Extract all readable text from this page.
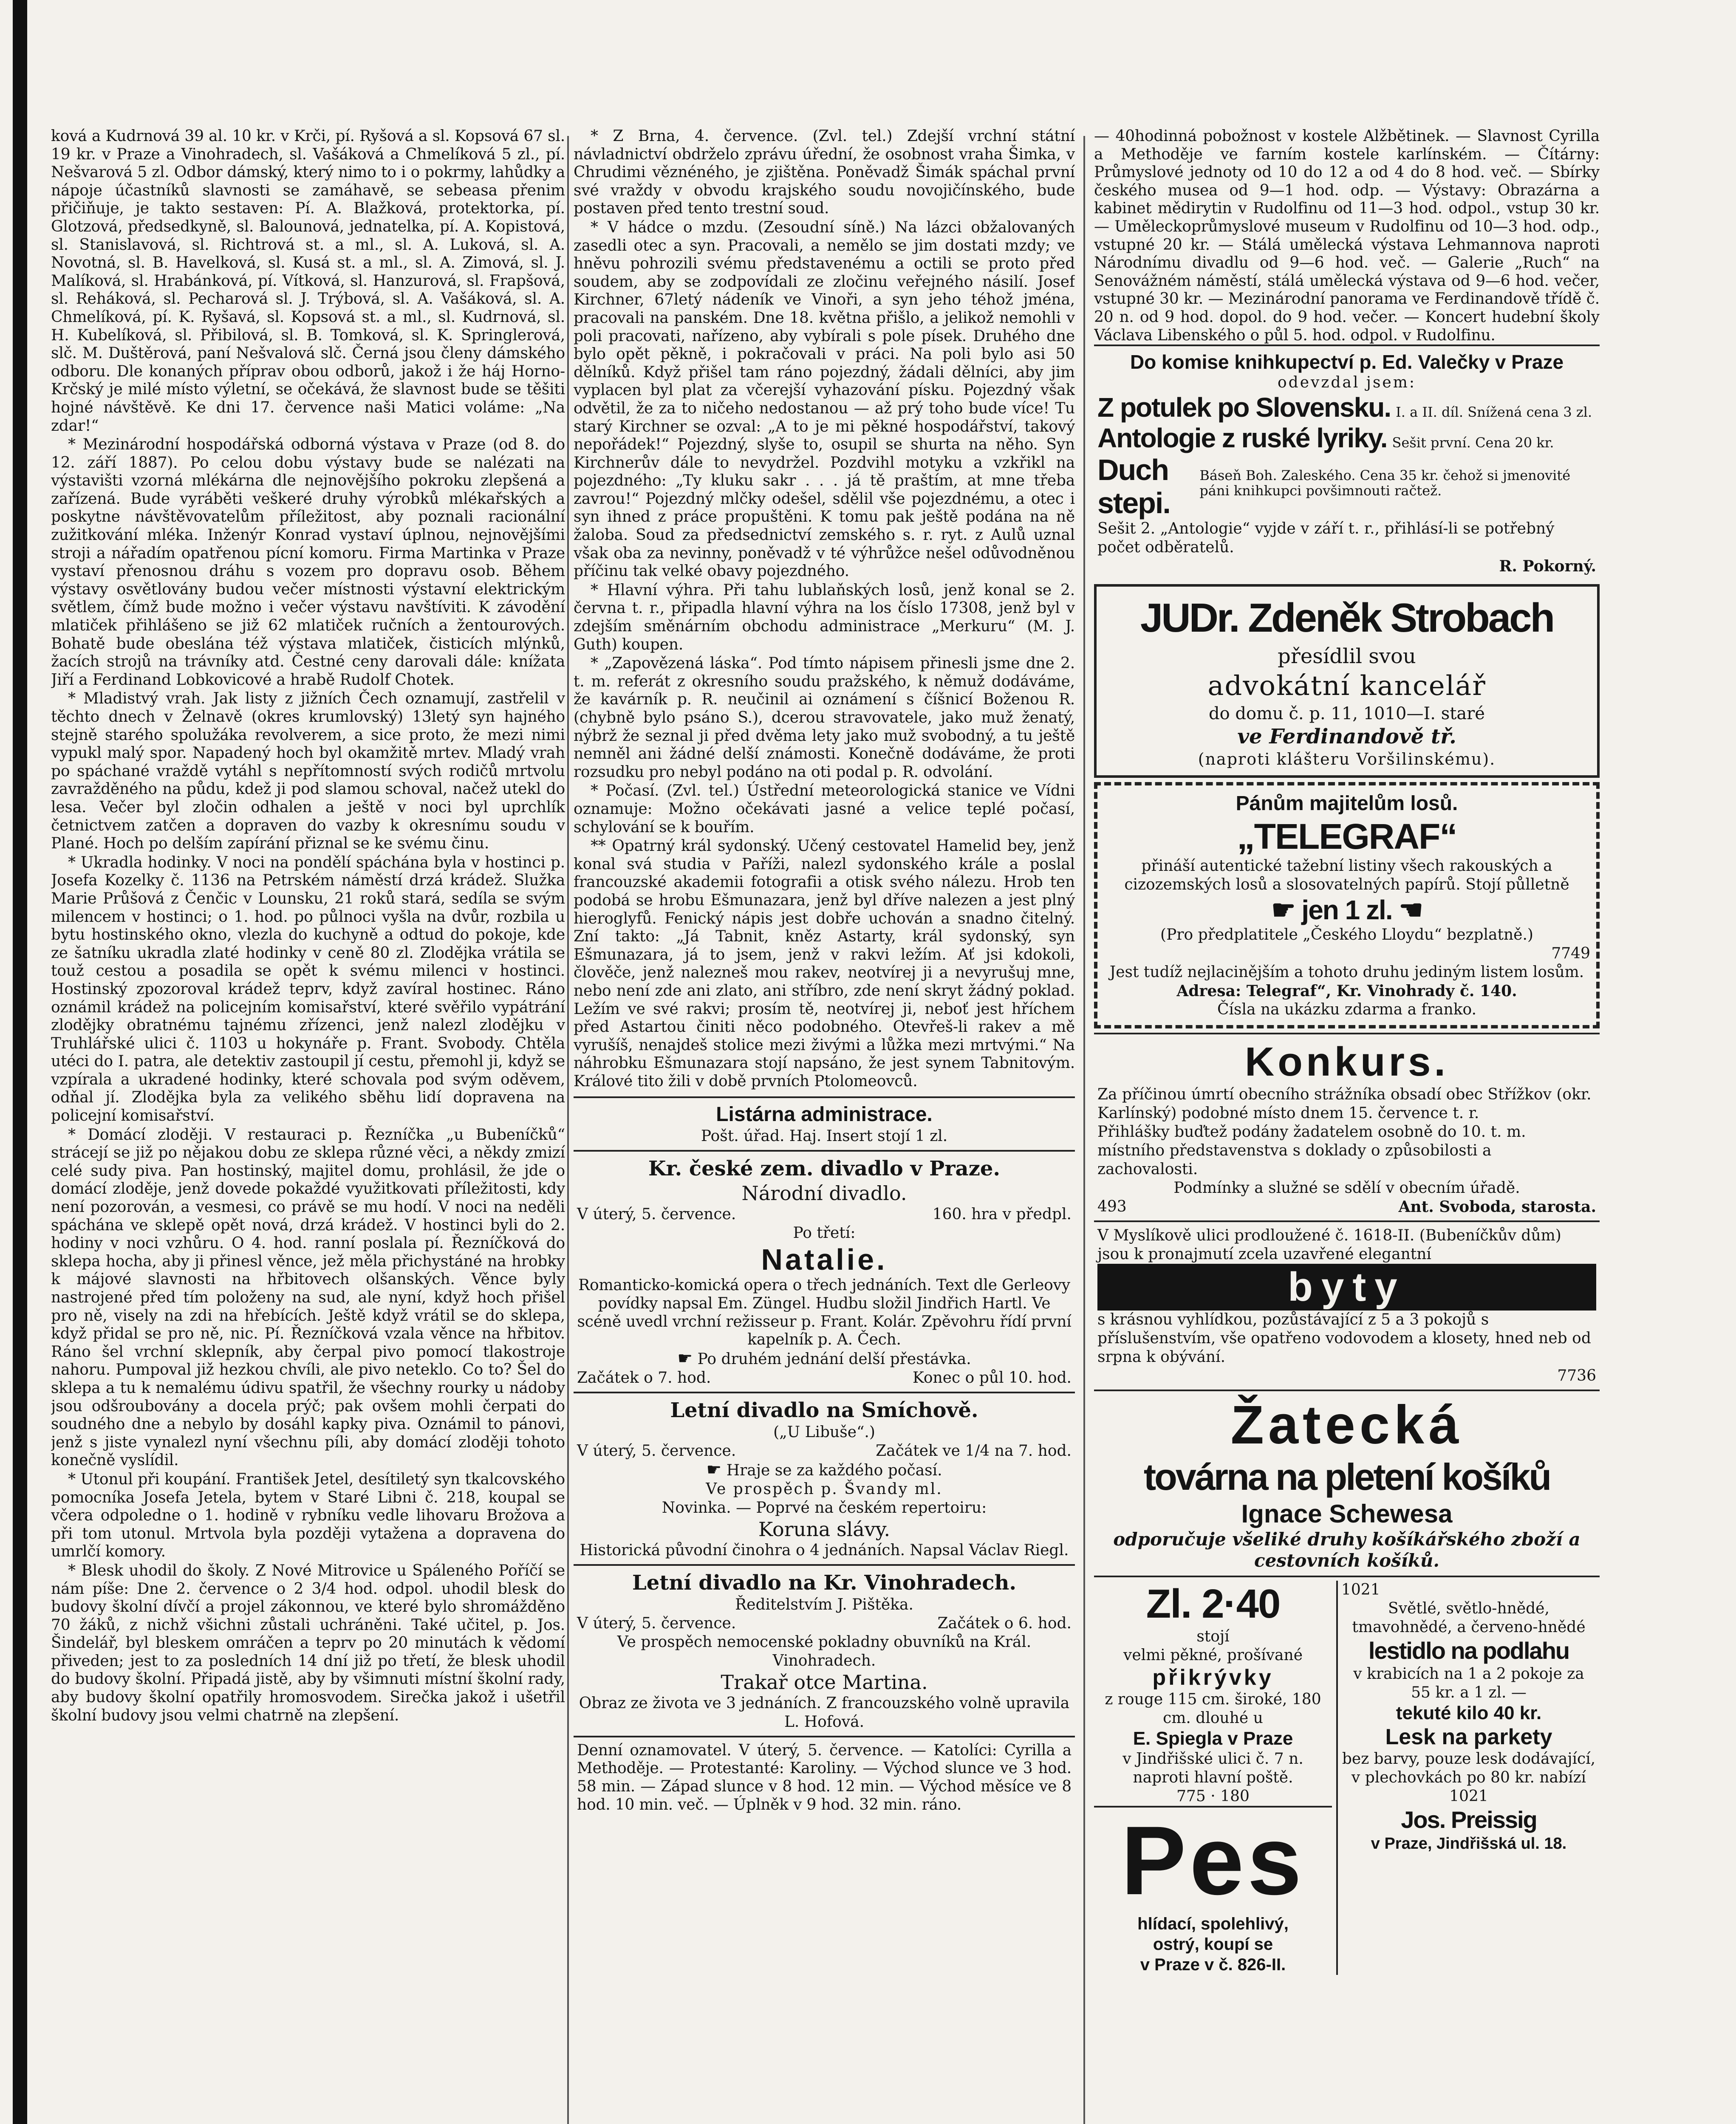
ková a Kudrnová 39 al. 10 kr. v Krči, pí. Ryšová a sl. Kopsová 67 sl. 19 kr. v Praze a Vinohradech, sl. Vašáková a Chmelíková 5 zl., pí. Nešvarová 5 zl. Odbor dámský, který nimo to i o pokrmy, lahůdky a nápoje účastníků slavnosti se zamáhavě, se sebeasa přenim přičiňuje, je takto sestaven: Pí. A. Blažková, protektorka, pí. Glotzová, předsedkyně, sl. Balounová, jednatelka, pí. A. Kopistová, sl. Stanislavová, sl. Richtrová st. a ml., sl. A. Luková, sl. A. Novotná, sl. B. Havelková, sl. Kusá st. a ml., sl. A. Zimová, sl. J. Malíková, sl. Hrabánková, pí. Vítková, sl. Hanzurová, sl. Frapšová, sl. Reháková, sl. Pecharová sl. J. Trýbová, sl. A. Vašáková, sl. A. Chmelíková, pí. K. Ryšavá, sl. Kopsová st. a ml., sl. Kudrnová, sl. H. Kubelíková, sl. Přibilová, sl. B. Tomková, sl. K. Springlerová, slč. M. Duštěrová, paní Nešvalová slč. Černá jsou členy dámského odboru. Dle konaných příprav obou odborů, jakož i že háj Horno-Krčský je milé místo výletní, se očekává, že slavnost bude se těšiti hojné návštěvě. Ke dni 17. července naši Matici voláme: „Na zdar!“

* Mezinárodní hospodářská odborná výstava v Praze (od 8. do 12. září 1887). Po celou dobu výstavy bude se nalézati na výstavišti vzorná mlékárna dle nejnovějšího pokroku zlepšená a zařízená. Bude vyráběti veškeré druhy výrobků mlékařských a poskytne návštěvovatelům příležitost, aby poznali racionální zužitkování mléka. Inženýr Konrad vystaví úplnou, nejnovějšími stroji a nářadím opatřenou pícní komoru. Firma Martinka v Praze vystaví přenosnou dráhu s vozem pro dopravu osob. Během výstavy osvětlovány budou večer místnosti výstavní elektrickým světlem, čímž bude možno i večer výstavu navštíviti. K závodění mlatiček přihlášeno se již 62 mlatiček ručních a žentourových. Bohatě bude obeslána též výstava mlatiček, čisticích mlýnků, žacích strojů na trávníky atd. Čestné ceny darovali dále: knížata Jiří a Ferdinand Lobkovicové a hrabě Rudolf Chotek.

* Mladistvý vrah. Jak listy z jižních Čech oznamují, zastřelil v těchto dnech v Želnavě (okres krumlovský) 13letý syn hajného stejně starého spolužáka revolverem, a sice proto, že mezi nimi vypukl malý spor. Napadený hoch byl okamžitě mrtev. Mladý vrah po spáchané vraždě vytáhl s nepřítomností svých rodičů mrtvolu zavražděného na půdu, kdež ji pod slamou schoval, načež utekl do lesa. Večer byl zločin odhalen a ještě v noci byl uprchlík četnictvem zatčen a dopraven do vazby k okresnímu soudu v Plané. Hoch po delším zapírání přiznal se ke svému činu.

* Ukradla hodinky. V noci na pondělí spáchána byla v hostinci p. Josefa Kozelky č. 1136 na Petrském náměstí drzá krádež. Služka Marie Průšová z Čenčic v Lounsku, 21 roků stará, sedíla se svým milencem v hostinci; o 1. hod. po půlnoci vyšla na dvůr, rozbila u bytu hostinského okno, vlezla do kuchyně a odtud do pokoje, kde ze šatníku ukradla zlaté hodinky v ceně 80 zl. Zlodějka vrátila se touž cestou a posadila se opět k svému milenci v hostinci. Hostinský zpozoroval krádež teprv, když zavíral hostinec. Ráno oznámil krádež na policejním komisařství, které svěřilo vypátrání zlodějky obratnému tajnému zřízenci, jenž nalezl zlodějku v Truhlářské ulici č. 1103 u hokynáře p. Frant. Svobody. Chtěla utéci do I. patra, ale detektiv zastoupil jí cestu, přemohl ji, když se vzpírala a ukradené hodinky, které schovala pod svým oděvem, odňal jí. Zlodějka byla za velikého sběhu lidí dopravena na policejní komisařství.

* Domácí zloději. V restauraci p. Řezníčka „u Bubeníčků“ strácejí se již po nějakou dobu ze sklepa různé věci, a někdy zmizí celé sudy piva. Pan hostinský, majitel domu, prohlásil, že jde o domácí zloděje, jenž dovede pokaždé využitkovati příležitosti, kdy není pozorován, a vesmesi, co právě se mu hodí. V noci na neděli spáchána ve sklepě opět nová, drzá krádež. V hostinci byli do 2. hodiny v noci vzhůru. O 4. hod. ranní poslala pí. Řezníčková do sklepa hocha, aby ji přinesl věnce, jež měla přichystáné na hrobky k májové slavnosti na hřbitovech olšanských. Věnce byly nastrojené před tím položeny na sud, ale nyní, když hoch přišel pro ně, visely na zdi na hřebících. Ještě když vrátil se do sklepa, když přidal se pro ně, nic. Pí. Řezníčková vzala věnce na hřbitov. Ráno šel vrchní sklepník, aby čerpal pivo pomocí tlakostroje nahoru. Pumpoval již hezkou chvíli, ale pivo neteklo. Co to? Šel do sklepa a tu k nemalému údivu spatřil, že všechny rourky u nádoby jsou odšroubovány a docela prýč; pak ovšem mohli čerpati do soudného dne a nebylo by dosáhl kapky piva. Oznámil to pánovi, jenž s jiste vynalezl nyní všechnu píli, aby domácí zloději tohoto konečně vyslídil.

* Utonul při koupání. František Jetel, desítiletý syn tkalcovského pomocníka Josefa Jetela, bytem v Staré Libni č. 218, koupal se včera odpoledne o 1. hodině v rybníku vedle lihovaru Brožova a při tom utonul. Mrtvola byla později vytažena a dopravena do umrlčí komory.

* Blesk uhodil do školy. Z Nové Mitrovice u Spáleného Poříčí se nám píše: Dne 2. července o 2 3/4 hod. odpol. uhodil blesk do budovy školní dívčí a projel zákonnou, ve které bylo shromážděno 70 žáků, z nichž všichni zůstali uchráněni. Také učitel, p. Jos. Šindelář, byl bleskem omráčen a teprv po 20 minutách k vědomí přiveden; jest to za posledních 14 dní již po třetí, že blesk uhodil do budovy školní. Připadá jistě, aby by všimnuti místní školní rady, aby budovy školní opatřily hromosvodem. Sirečka jakož i ušetřil školní budovy jsou velmi chatrně na zlepšení.

* Z Brna, 4. července. (Zvl. tel.) Zdejší vrchní státní návladnictví obdrželo zprávu úřední, že osobnost vraha Šimka, v Chrudimi věznéného, je zjištěna. Poněvadž Šimák spáchal první své vraždy v obvodu krajského soudu novojičínského, bude postaven před tento trestní soud.

* V hádce o mzdu. (Zesoudní síně.) Na lázci obžalovaných zasedli otec a syn. Pracovali, a nemělo se jim dostati mzdy; ve hněvu pohrozili svému představenému a octili se proto před soudem, aby se zodpovídali ze zločinu veřejného násilí. Josef Kirchner, 67letý nádeník ve Vinoři, a syn jeho téhož jména, pracovali na panském. Dne 18. května přišlo, a jelikož nemohli v poli pracovati, nařízeno, aby vybírali s pole písek. Druhého dne bylo opět pěkně, i pokračovali v práci. Na poli bylo asi 50 dělníků. Když přišel tam ráno pojezdný, žádali dělníci, aby jim vyplacen byl plat za včerejší vyhazování písku. Pojezdný však odvětil, že za to ničeho nedostanou — až prý toho bude více! Tu starý Kirchner se ozval: „A to je mi pěkné hospodářství, takový nepořádek!“ Pojezdný, slyše to, osupil se shurta na něho. Syn Kirchnerův dále to nevydržel. Pozdvihl motyku a vzkřikl na pojezdného: „Ty kluku sakr . . . já tě praštím, at mne třeba zavrou!“ Pojezdný mlčky odešel, sdělil vše pojezdnému, a otec i syn ihned z práce propuštěni. K tomu pak ještě podána na ně žaloba. Soud za předsednictví zemského s. r. ryt. z Aulů uznal však oba za nevinny, poněvadž v té výhrůžce nešel odůvodněnou příčinu tak velké obavy pojezdného.

* Hlavní výhra. Při tahu lublaňských losů, jenž konal se 2. června t. r., připadla hlavní výhra na los číslo 17308, jenž byl v zdejším směnárním obchodu administrace „Merkuru“ (M. J. Guth) koupen.

* „Zapovězená láska“. Pod tímto nápisem přinesli jsme dne 2. t. m. referát z okresního soudu pražského, k němuž dodáváme, že kavárník p. R. neučinil ai oznámení s číšnicí Boženou R. (chybně bylo psáno S.), dcerou stravovatele, jako muž ženatý, nýbrž že seznal ji před dvěma lety jako muž svobodný, a tu ještě nemněl ani žádné delší známosti. Konečně dodáváme, že proti rozsudku pro nebyl podáno na oti podal p. R. odvolání.

* Počasí. (Zvl. tel.) Ústřední meteorologická stanice ve Vídni oznamuje: Možno očekávati jasné a velice teplé počasí, schylování se k bouřím.

** Opatrný král sydonský. Učený cestovatel Hamelid bey, jenž konal svá studia v Paříži, nalezl sydonského krále a poslal francouzské akademii fotografii a otisk svého nálezu. Hrob ten podobá se hrobu Ešmunazara, jenž byl dříve nalezen a jest plný hieroglyfů. Fenický nápis jest dobře uchován a snadno čitelný. Zní takto: „Já Tabnit, kněz Astarty, král sydonský, syn Ešmunazara, já to jsem, jenž v rakvi ležím. Ať jsi kdokoli, člověče, jenž nalezneš mou rakev, neotvírej ji a nevyrušuj mne, nebo není zde ani zlato, ani stříbro, zde není skryt žádný poklad. Ležím ve své rakvi; prosím tě, neotvírej ji, neboť jest hříchem před Astartou činiti něco podobného. Otevřeš-li rakev a mě vyrušíš, nenajdeš stolice mezi živými a lůžka mezi mrtvými.“ Na náhrobku Ešmunazara stojí napsáno, že jest synem Tabnitovým. Králové tito žili v době prvních Ptolomeovců.

Listárna administrace.
Pošt. úřad. Haj. Insert stojí 1 zl.
Kr. české zem. divadlo v Praze.
Národní divadlo.
V úterý, 5. července.	160. hra v předpl.
Po třetí:
Natalie.

Romanticko-komická opera o třech jednáních. Text dle Gerleovy povídky napsal Em. Züngel. Hudbu složil Jindřich Hartl. Ve scéně uvedl vrchní režisseur p. Frant. Kolár. Zpěvohru řídí první kapelník p. A. Čech.

☛ Po druhém jednání delší přestávka.
Začátek o 7. hod.	Konec o půl 10. hod.
Letní divadlo na Smíchově.
(„U Libuše“.)
V úterý, 5. července.	Začátek ve 1/4 na 7. hod.
☛ Hraje se za každého počasí.
Ve prospěch p. Švandy ml.
Novinka. — Poprvé na českém repertoiru:
Koruna slávy.
Historická původní činohra o 4 jednáních. Napsal Václav Riegl.
Letní divadlo na Kr. Vinohradech.
Ředitelstvím J. Pištěka.
V úterý, 5. července.	Začátek o 6. hod.
Ve prospěch nemocenské pokladny obuvníků na Král. Vinohradech.
Trakař otce Martina.
Obraz ze života ve 3 jednáních. Z francouzského volně upravila L. Hofová.

Denní oznamovatel. V úterý, 5. července. — Katolíci: Cyrilla a Methoděje. — Protestanté: Karoliny. — Východ slunce ve 3 hod. 58 min. — Západ slunce v 8 hod. 12 min. — Východ měsíce ve 8 hod. 10 min. več. — Úplněk v 9 hod. 32 min. ráno.

— 40hodinná pobožnost v kostele Alžbětinek. — Slavnost Cyrilla a Methoděje ve farním kostele karlínském. — Čítárny: Průmyslové jednoty od 10 do 12 a od 4 do 8 hod. več. — Sbírky českého musea od 9—1 hod. odp. — Výstavy: Obrazárna a kabinet mědirytin v Rudolfinu od 11—3 hod. odpol., vstup 30 kr. — Uměleckoprůmyslové museum v Rudolfinu od 10—3 hod. odp., vstupné 20 kr. — Stálá umělecká výstava Lehmannova naproti Národnímu divadlu od 9—6 hod. več. — Galerie „Ruch“ na Senovážném náměstí, stálá umělecká výstava od 9—6 hod. večer, vstupné 30 kr. — Mezinárodní panorama ve Ferdinandově třídě č. 20 n. od 9 hod. dopol. do 9 hod. večer. — Koncert hudební školy Václava Libenského o půl 5. hod. odpol. v Rudolfinu.

Do komise knihkupectví p. Ed. Valečky v Praze
odevzdal jsem:
Z potulek po Slovensku. I. a II. díl. Snížená cena 3 zl.
Antologie z ruské lyriky. Sešit první. Cena 20 kr.
Duch stepi.
Báseň Boh. Zaleského. Cena 35 kr. čehož si jmenovité páni knihkupci povšimnouti račtež.
Sešit 2. „Antologie“ vyjde v září t. r., přihlásí-li se potřebný počet odběratelů.
R. Pokorný.
JUDr. Zdeněk Strobach
přesídlil svou
advokátní kancelář
do domu č. p. 11, 1010—I. staré
ve Ferdinandově tř.
(naproti klášteru Voršilinskému).
Pánům majitelům losů.
„TELEGRAF“
přináší autentické tažební listiny všech rakouských a cizozemských losů a slosovatelných papírů. Stojí půlletně
☛ jen 1 zl. ☚
(Pro předplatitele „Českého Lloydu“ bezplatně.)
7749
Jest tudíž nejlacinějším a tohoto druhu jediným listem losům.
Adresa: Telegraf“, Kr. Vinohrady č. 140.
Čísla na ukázku zdarma a franko.
Konkurs.
Za příčinou úmrtí obecního strážníka obsadí obec Střížkov (okr. Karlínský) podobné místo dnem 15. července t. r.
Přihlášky buďtež podány žadatelem osobně do 10. t. m. místního představenstva s doklady o způsobilosti a zachovalosti.
Podmínky a služné se sdělí v obecním úřadě.
493	Ant. Svoboda, starosta.
V Myslíkově ulici prodloužené č. 1618-II. (Bubeníčkův dům) jsou k pronajmutí zcela uzavřené elegantní
byty
s krásnou vyhlídkou, pozůstávající z 5 a 3 pokojů s příslušenstvím, vše opatřeno vodovodem a klosety, hned neb od srpna k obývání.
7736
Žatecká
továrna na pletení košíků
Ignace Schewesa
odporučuje všeliké druhy košíkářského zboží a cestovních košíků.
Zl. 2·40
stojí
velmi pěkné, prošívané
přikrývky
z rouge 115 cm. široké, 180 cm. dlouhé u
E. Spiegla v Praze
v Jindřišské ulici č. 7 n. naproti hlavní poště.
775 · 180
Pes
hlídací, spolehlivý,
ostrý, koupí se
v Praze v č. 826-II.
1021
Světlé, světlo-hnědé, tmavohnědé, a červeno-hnědé
lestidlo na podlahu
v krabicích na 1 a 2 pokoje za 55 kr. a 1 zl. —
tekuté kilo 40 kr.
Lesk na parkety
bez barvy, pouze lesk dodávající, v plechovkách po 80 kr. nabízí 1021
Jos. Preissig
v Praze, Jindřišská ul. 18.
